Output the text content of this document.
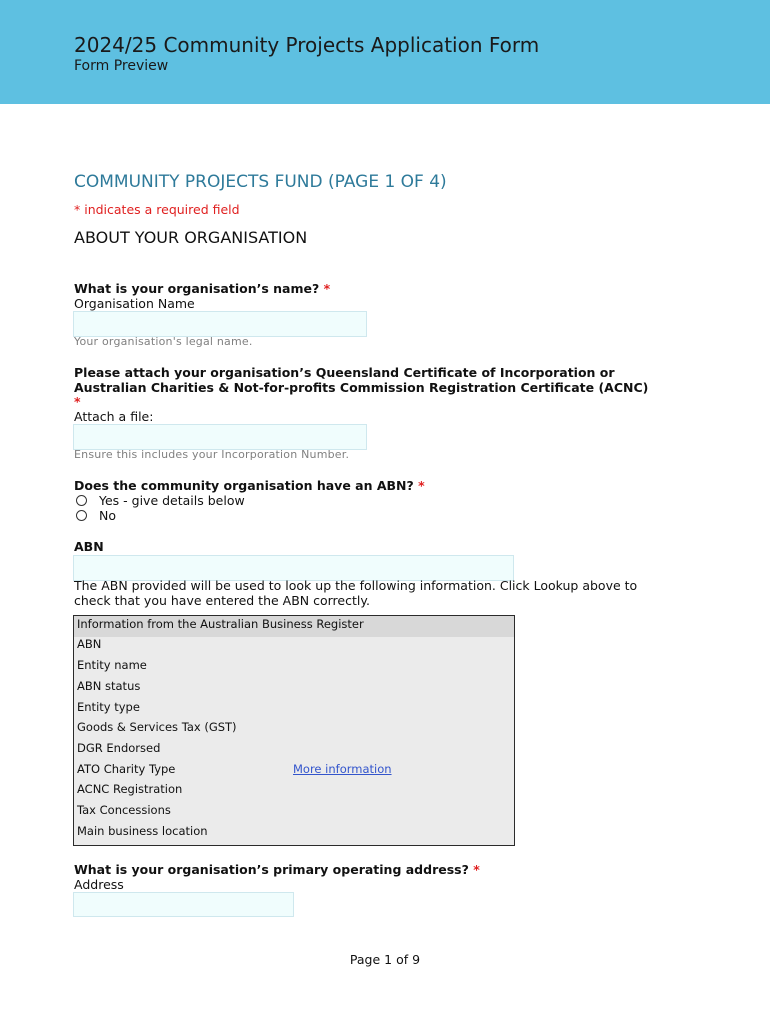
2024/25 Community Projects Application Form
Form Preview
COMMUNITY PROJECTS FUND (PAGE 1 OF 4)
* indicates a required field
ABOUT YOUR ORGANISATION
What is your organisation’s name? *
Organisation Name
Your organisation's legal name.
Please attach your organisation’s Queensland Certificate of Incorporation or
Australian Charities & Not-for-profits Commission Registration Certificate (ACNC)
*
Attach a file:
Ensure this includes your Incorporation Number.
Does the community organisation have an ABN? *
Yes - give details below
No
ABN
The ABN provided will be used to look up the following information. Click Lookup above to
check that you have entered the ABN correctly.
Information from the Australian Business Register
ABN
Entity name
ABN status
Entity type
Goods & Services Tax (GST)
DGR Endorsed
ATO Charity Type	More information
ACNC Registration
Tax Concessions
Main business location
What is your organisation’s primary operating address? *
Address
Page 1 of 9
